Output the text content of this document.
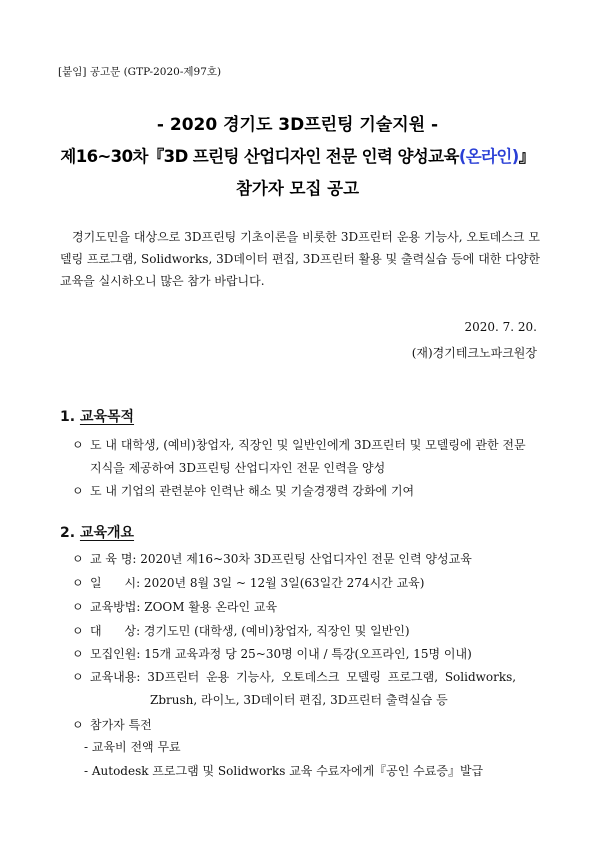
[붙임] 공고문 (GTP-2020-제97호)
- 2020 경기도 3D프린팅 기술지원 -
제16~30차『3D 프린팅 산업디자인 전문 인력 양성교육(온라인)』
참가자 모집 공고

경기도민을 대상으로 3D프린팅 기초이론을 비롯한 3D프린터 운용 기능사, 오토데스크 모델링 프로그램, Solidworks, 3D데이터 편집, 3D프린터 활용 및 출력실습 등에 대한 다양한 교육을 실시하오니 많은 참가 바랍니다.

2020. 7. 20.
(재)경기테크노파크원장
1. 교육목적
ㅇ 도 내 대학생, (예비)창업자, 직장인 및 일반인에게 3D프린터 및 모델링에 관한 전문
지식을 제공하여 3D프린팅 산업디자인 전문 인력을 양성
ㅇ 도 내 기업의 관련분야 인력난 해소 및 기술경쟁력 강화에 기여
2. 교육개요
ㅇ 교 육 명: 2020년 제16~30차 3D프린팅 산업디자인 전문 인력 양성교육
ㅇ 일      시: 2020년 8월 3일 ~ 12월 3일(63일간 274시간 교육)
ㅇ 교육방법: ZOOM 활용 온라인 교육
ㅇ 대      상: 경기도민 (대학생, (예비)창업자, 직장인 및 일반인)
ㅇ 모집인원: 15개 교육과정 당 25~30명 이내 / 특강(오프라인, 15명 이내)
ㅇ 교육내용: 3D프린터 운용 기능사, 오토데스크 모델링 프로그램, Solidworks,
Zbrush, 라이노, 3D데이터 편집, 3D프린터 출력실습 등
ㅇ 참가자 특전
- 교육비 전액 무료
- Autodesk 프로그램 및 Solidworks 교육 수료자에게『공인 수료증』발급
